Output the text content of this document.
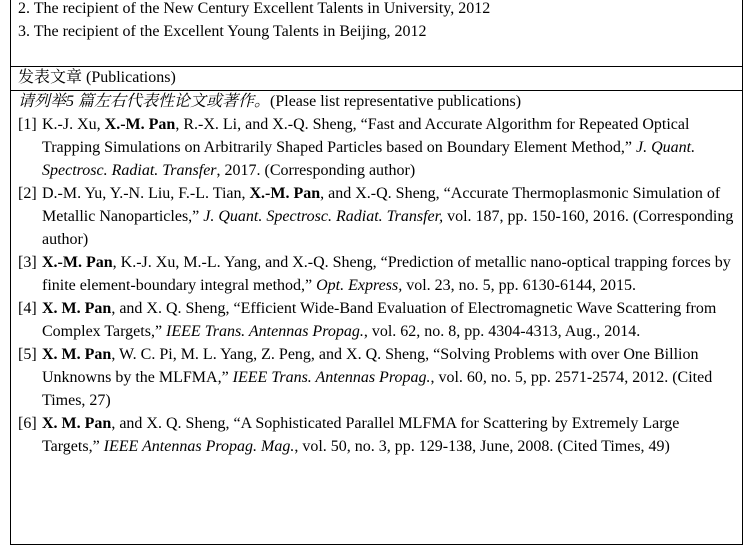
2. The recipient of the New Century Excellent Talents in University, 2012
3. The recipient of the Excellent Young Talents in Beijing, 2012
发表文章 (Publications)
请列举5 篇左右代表性论文或著作。(Please list representative publications)
[1] K.-J. Xu, X.-M. Pan, R.-X. Li, and X.-Q. Sheng, “Fast and Accurate Algorithm for Repeated Optical Trapping Simulations on Arbitrarily Shaped Particles based on Boundary Element Method,” J. Quant. Spectrosc. Radiat. Transfer, 2017. (Corresponding author)
[2] D.-M. Yu, Y.-N. Liu, F.-L. Tian, X.-M. Pan, and X.-Q. Sheng, “Accurate Thermoplasmonic Simulation of Metallic Nanoparticles,” J. Quant. Spectrosc. Radiat. Transfer, vol. 187, pp. 150-160, 2016. (Corresponding author)
[3] X.-M. Pan, K.-J. Xu, M.-L. Yang, and X.-Q. Sheng, “Prediction of metallic nano-optical trapping forces by finite element-boundary integral method,” Opt. Express, vol. 23, no. 5, pp. 6130-6144, 2015.
[4] X. M. Pan, and X. Q. Sheng, “Efficient Wide-Band Evaluation of Electromagnetic Wave Scattering from Complex Targets,” IEEE Trans. Antennas Propag., vol. 62, no. 8, pp. 4304-4313, Aug., 2014.
[5] X. M. Pan, W. C. Pi, M. L. Yang, Z. Peng, and X. Q. Sheng, “Solving Problems with over One Billion Unknowns by the MLFMA,” IEEE Trans. Antennas Propag., vol. 60, no. 5, pp. 2571-2574, 2012. (Cited Times, 27)
[6] X. M. Pan, and X. Q. Sheng, “A Sophisticated Parallel MLFMA for Scattering by Extremely Large Targets,” IEEE Antennas Propag. Mag., vol. 50, no. 3, pp. 129-138, June, 2008. (Cited Times, 49)
